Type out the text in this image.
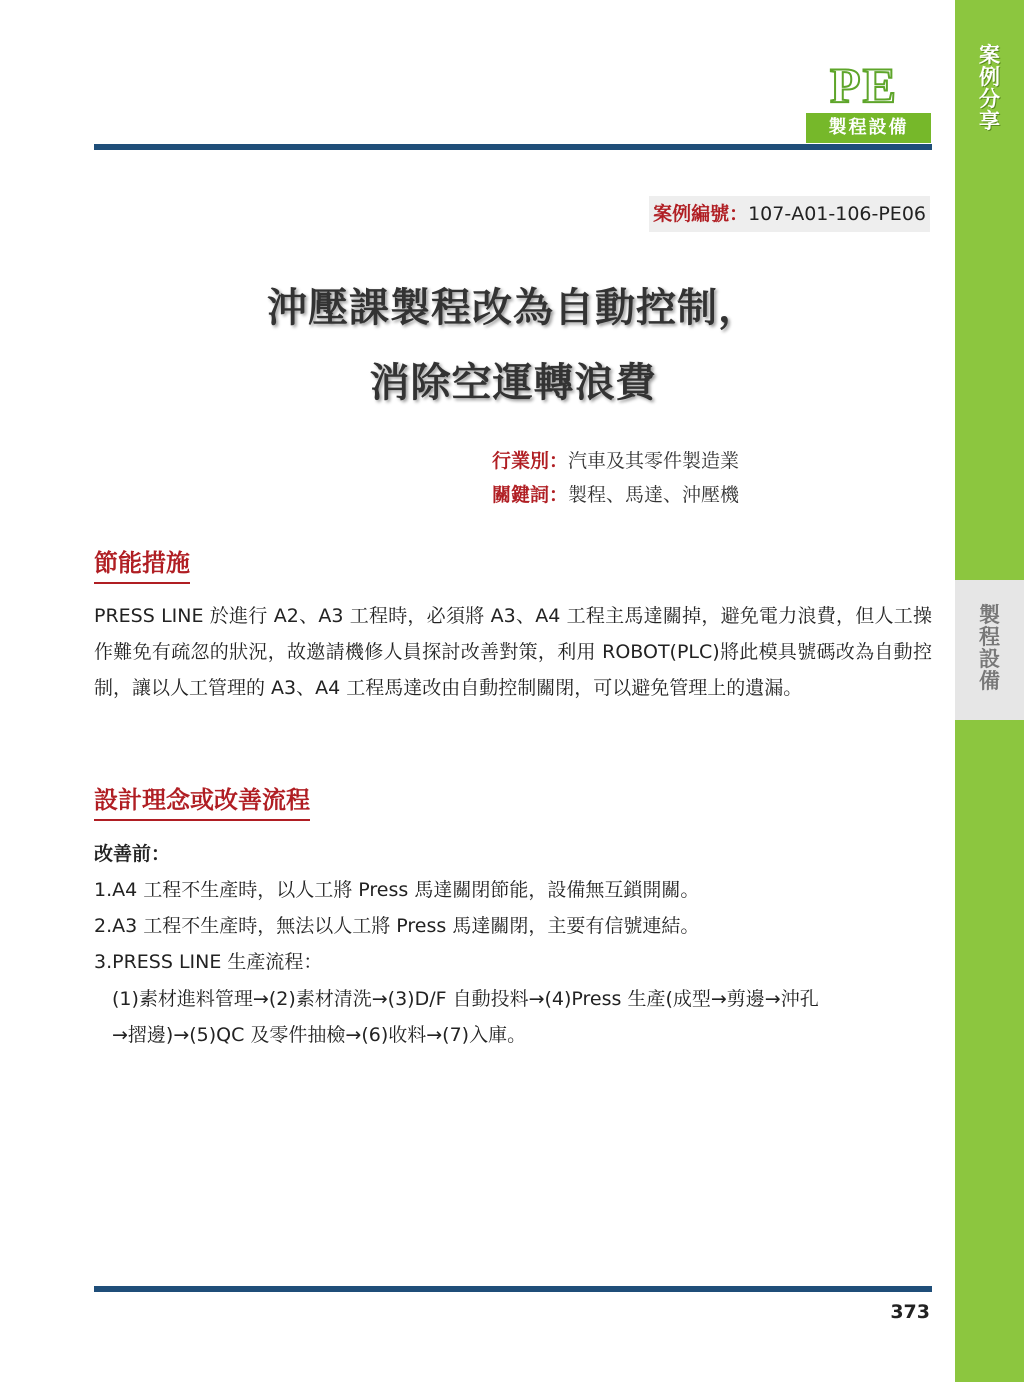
案例分享
製程設備
PE
製程設備
案例編號：107-A01-106-PE06
沖壓課製程改為自動控制，
消除空運轉浪費
行業別：汽車及其零件製造業
關鍵詞：製程、馬達、沖壓機
節能措施
PRESS LINE 於進行 A2、A3 工程時，必須將 A3、A4 工程主馬達關掉，避免電力浪費，但人工操作難免有疏忽的狀況，故邀請機修人員探討改善對策，利用 ROBOT(PLC)將此模具號碼改為自動控制，讓以人工管理的 A3、A4 工程馬達改由自動控制關閉，可以避免管理上的遺漏。
設計理念或改善流程
改善前：
1.A4 工程不生產時，以人工將 Press 馬達關閉節能，設備無互鎖開關。
2.A3 工程不生產時，無法以人工將 Press 馬達關閉，主要有信號連結。
3.PRESS LINE 生產流程：
(1)素材進料管理→(2)素材清洗→(3)D/F 自動投料→(4)Press 生產(成型→剪邊→沖孔
→摺邊)→(5)QC 及零件抽檢→(6)收料→(7)入庫。
373
